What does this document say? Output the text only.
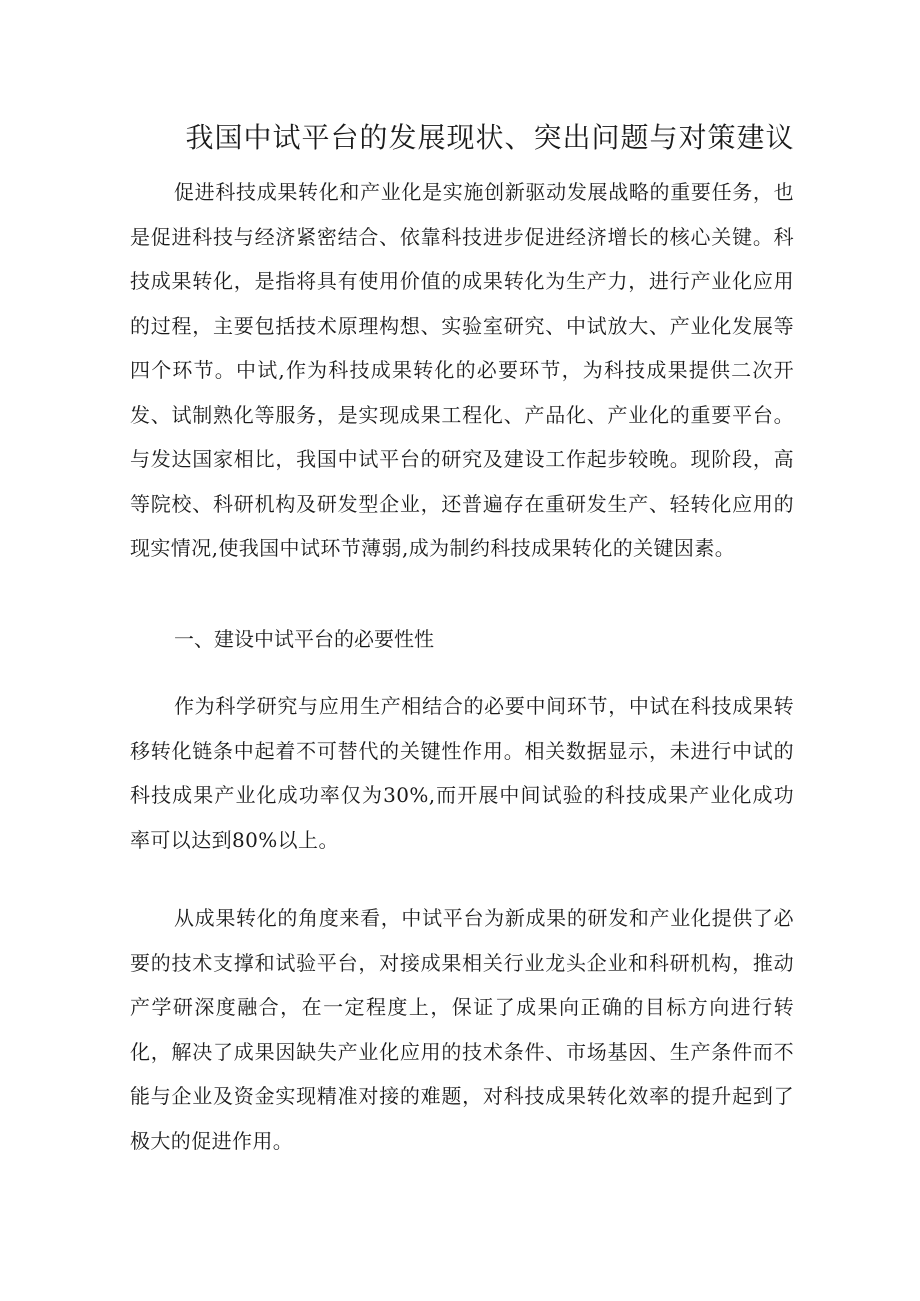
我国中试平台的发展现状、突出问题与对策建议

促进科技成果转化和产业化是实施创新驱动发展战略的重要任务，也是促进科技与经济紧密结合、依靠科技进步促进经济增长的核心关键。科技成果转化，是指将具有使用价值的成果转化为生产力，进行产业化应用的过程，主要包括技术原理构想、实验室研究、中试放大、产业化发展等四个环节。中试,作为科技成果转化的必要环节，为科技成果提供二次开发、试制熟化等服务，是实现成果工程化、产品化、产业化的重要平台。与发达国家相比，我国中试平台的研究及建设工作起步较晚。现阶段，高等院校、科研机构及研发型企业，还普遍存在重研发生产、轻转化应用的现实情况,使我国中试环节薄弱,成为制约科技成果转化的关键因素。

一、建设中试平台的必要性性

作为科学研究与应用生产相结合的必要中间环节，中试在科技成果转移转化链条中起着不可替代的关键性作用。相关数据显示，未进行中试的科技成果产业化成功率仅为30%,而开展中间试验的科技成果产业化成功率可以达到80%以上。

从成果转化的角度来看，中试平台为新成果的研发和产业化提供了必要的技术支撑和试验平台，对接成果相关行业龙头企业和科研机构，推动产学研深度融合，在一定程度上，保证了成果向正确的目标方向进行转化，解决了成果因缺失产业化应用的技术条件、市场基因、生产条件而不能与企业及资金实现精准对接的难题，对科技成果转化效率的提升起到了极大的促进作用。
